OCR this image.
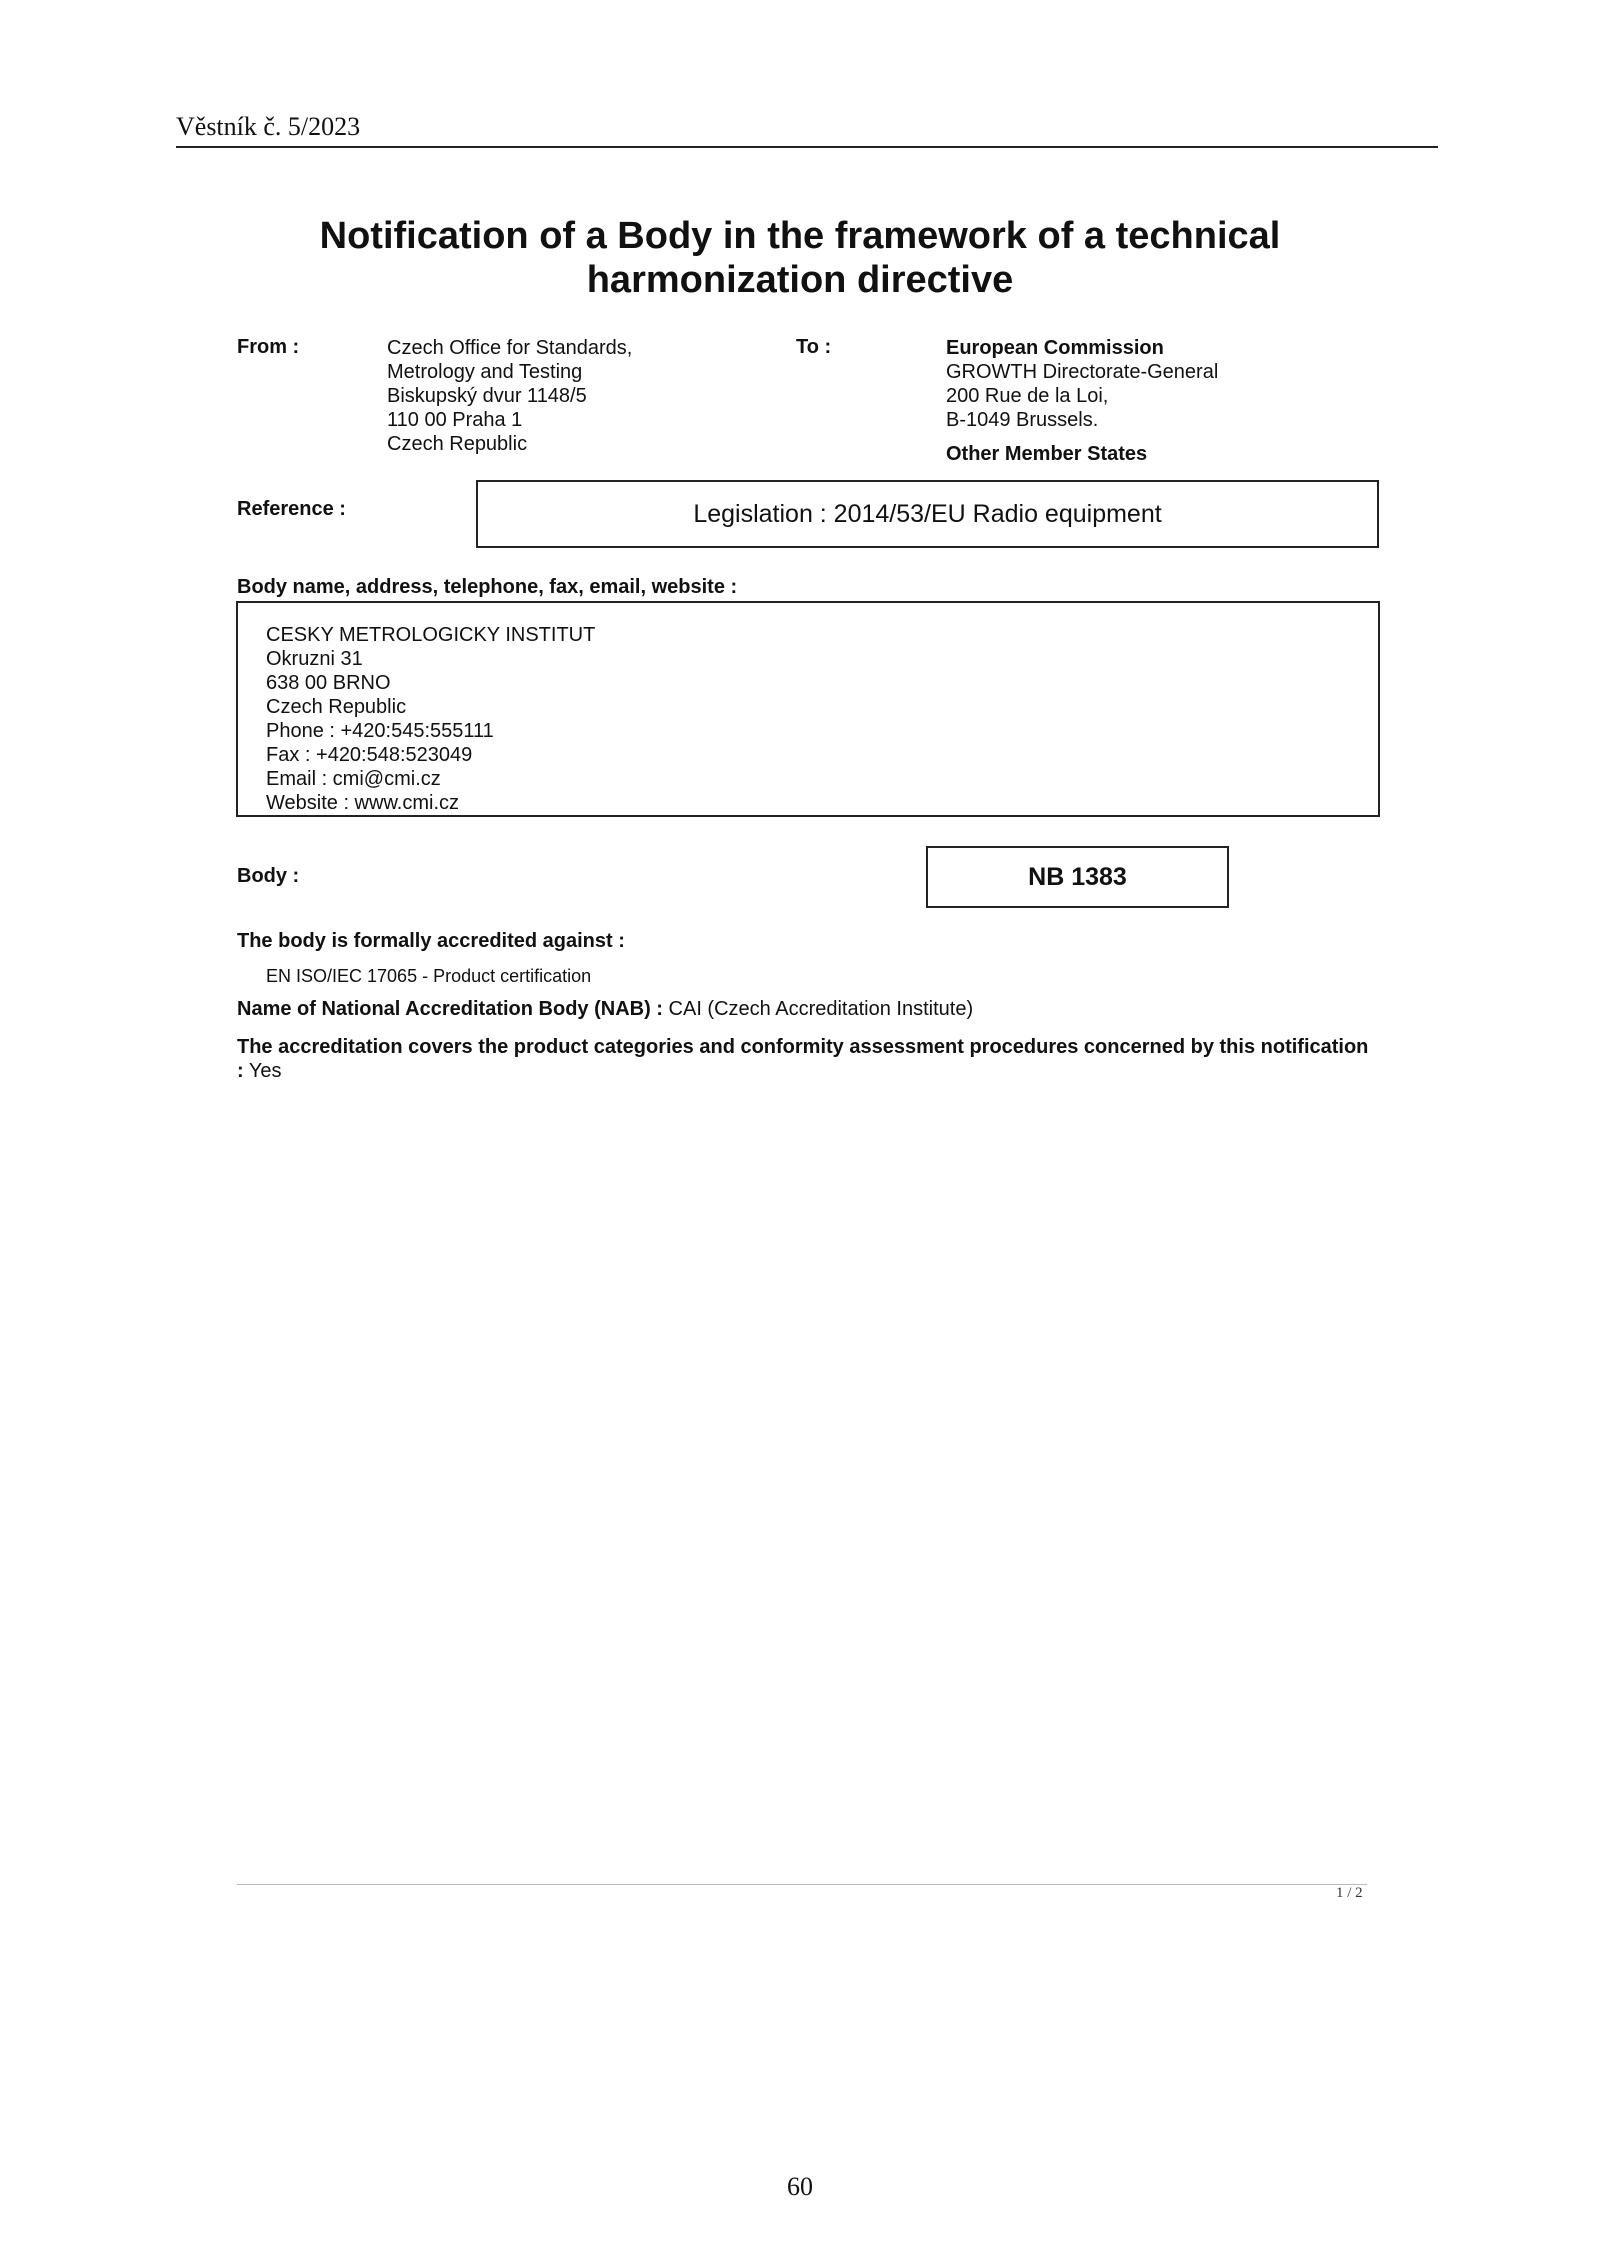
Věstník č. 5/2023
Notification of a Body in the framework of a technical
harmonization directive
From :	Czech Office for Standards,
Metrology and Testing
Biskupský dvur 1148/5
110 00 Praha 1
Czech Republic
To :	European Commission
GROWTH Directorate-General
200 Rue de la Loi,
B-1049 Brussels.
Other Member States
Reference :	Legislation : 2014/53/EU Radio equipment
Body name, address, telephone, fax, email, website :
CESKY METROLOGICKY INSTITUT
Okruzni 31
638 00 BRNO
Czech Republic
Phone : +420:545:555111
Fax : +420:548:523049
Email : cmi@cmi.cz
Website : www.cmi.cz
Body :	NB 1383
The body is formally accredited against :
EN ISO/IEC 17065 - Product certification
Name of National Accreditation Body (NAB) : CAI (Czech Accreditation Institute)
The accreditation covers the product categories and conformity assessment procedures concerned by this notification : Yes
1 / 2
60
